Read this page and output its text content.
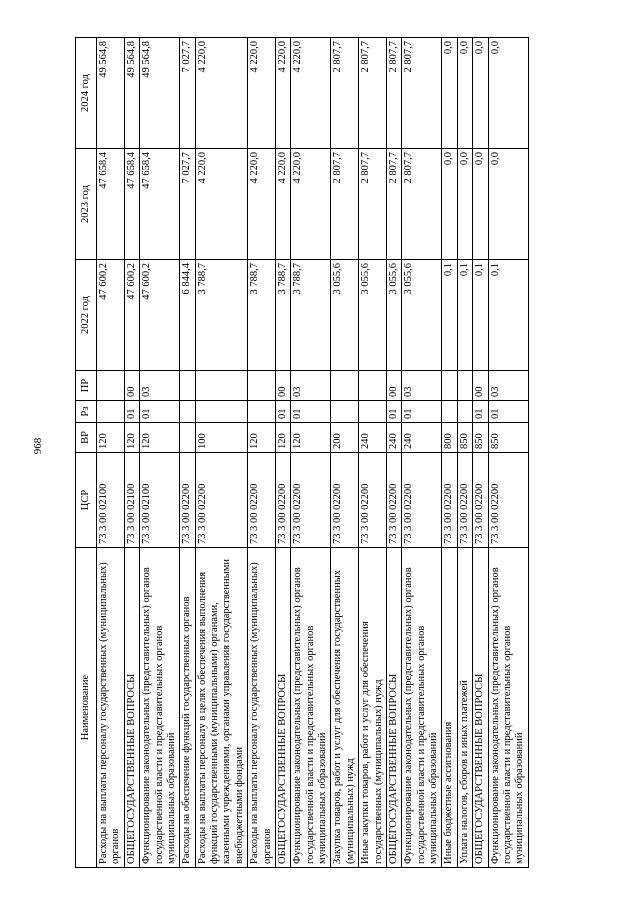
968
Наименование	ЦСР	ВР	Рз	ПР	2022 год	2023 год	2024 год
Расходы на выплаты персоналу государственных (муниципальных) органов	73 3 00 02100	120			47 600,2	47 658,4	49 564,8
ОБЩЕГОСУДАРСТВЕННЫЕ ВОПРОСЫ	73 3 00 02100	120	01	00	47 600,2	47 658,4	49 564,8
Функционирование законодательных (представительных) органов государственной власти и представительных органов муниципальных образований	73 3 00 02100	120	01	03	47 600,2	47 658,4	49 564,8
Расходы на обеспечение функций государственных органов	73 3 00 02200				6 844,4	7 027,7	7 027,7
Расходы на выплаты персоналу в целях обеспечения выполнения функций государственными (муниципальными) органами, казенными учреждениями, органами управления государственными внебюджетными фондами	73 3 00 02200	100			3 788,7	4 220,0	4 220,0
Расходы на выплаты персоналу государственных (муниципальных) органов	73 3 00 02200	120			3 788,7	4 220,0	4 220,0
ОБЩЕГОСУДАРСТВЕННЫЕ ВОПРОСЫ	73 3 00 02200	120	01	00	3 788,7	4 220,0	4 220,0
Функционирование законодательных (представительных) органов государственной власти и представительных органов муниципальных образований	73 3 00 02200	120	01	03	3 788,7	4 220,0	4 220,0
Закупка товаров, работ и услуг для обеспечения государственных (муниципальных) нужд	73 3 00 02200	200			3 055,6	2 807,7	2 807,7
Иные закупки товаров, работ и услуг для обеспечения государственных (муниципальных) нужд	73 3 00 02200	240			3 055,6	2 807,7	2 807,7
ОБЩЕГОСУДАРСТВЕННЫЕ ВОПРОСЫ	73 3 00 02200	240	01	00	3 055,6	2 807,7	2 807,7
Функционирование законодательных (представительных) органов государственной власти и представительных органов муниципальных образований	73 3 00 02200	240	01	03	3 055,6	2 807,7	2 807,7
Иные бюджетные ассигнования	73 3 00 02200	800			0,1	0,0	0,0
Уплата налогов, сборов и иных платежей	73 3 00 02200	850			0,1	0,0	0,0
ОБЩЕГОСУДАРСТВЕННЫЕ ВОПРОСЫ	73 3 00 02200	850	01	00	0,1	0,0	0,0
Функционирование законодательных (представительных) органов государственной власти и представительных органов муниципальных образований	73 3 00 02200	850	01	03	0,1	0,0	0,0
